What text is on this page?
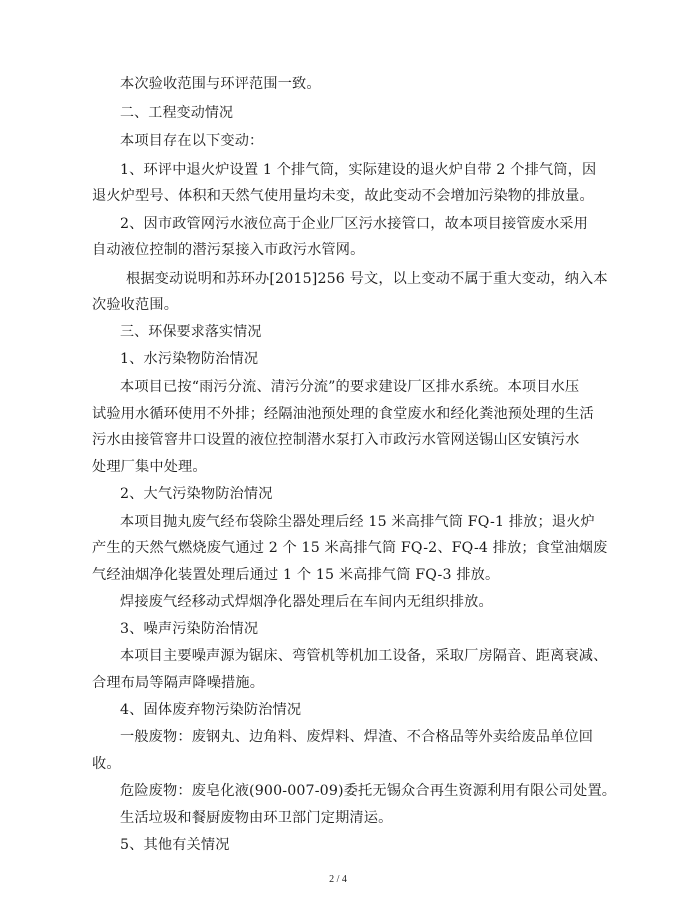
本次验收范围与环评范围一致。
二、工程变动情况
本项目存在以下变动：
1、环评中退火炉设置 1 个排气筒，实际建设的退火炉自带 2 个排气筒，因
退火炉型号、体积和天然气使用量均未变，故此变动不会增加污染物的排放量。
2、因市政管网污水液位高于企业厂区污水接管口，故本项目接管废水采用
自动液位控制的潜污泵接入市政污水管网。
根据变动说明和苏环办[2015]256 号文，以上变动不属于重大变动，纳入本
次验收范围。
三、环保要求落实情况
1、水污染物防治情况
本项目已按“雨污分流、清污分流”的要求建设厂区排水系统。本项目水压
试验用水循环使用不外排；经隔油池预处理的食堂废水和经化粪池预处理的生活
污水由接管窨井口设置的液位控制潜水泵打入市政污水管网送锡山区安镇污水
处理厂集中处理。
2、大气污染物防治情况
本项目抛丸废气经布袋除尘器处理后经 15 米高排气筒 FQ-1 排放；退火炉
产生的天然气燃烧废气通过 2 个 15 米高排气筒 FQ-2、FQ-4 排放；食堂油烟废
气经油烟净化装置处理后通过 1 个 15 米高排气筒 FQ-3 排放。
焊接废气经移动式焊烟净化器处理后在车间内无组织排放。
3、噪声污染防治情况
本项目主要噪声源为锯床、弯管机等机加工设备，采取厂房隔音、距离衰减、
合理布局等隔声降噪措施。
4、固体废弃物污染防治情况
一般废物：废钢丸、边角料、废焊料、焊渣、不合格品等外卖给废品单位回
收。
危险废物：废皂化液(900-007-09)委托无锡众合再生资源利用有限公司处置。
生活垃圾和餐厨废物由环卫部门定期清运。
5、其他有关情况
2 / 4
